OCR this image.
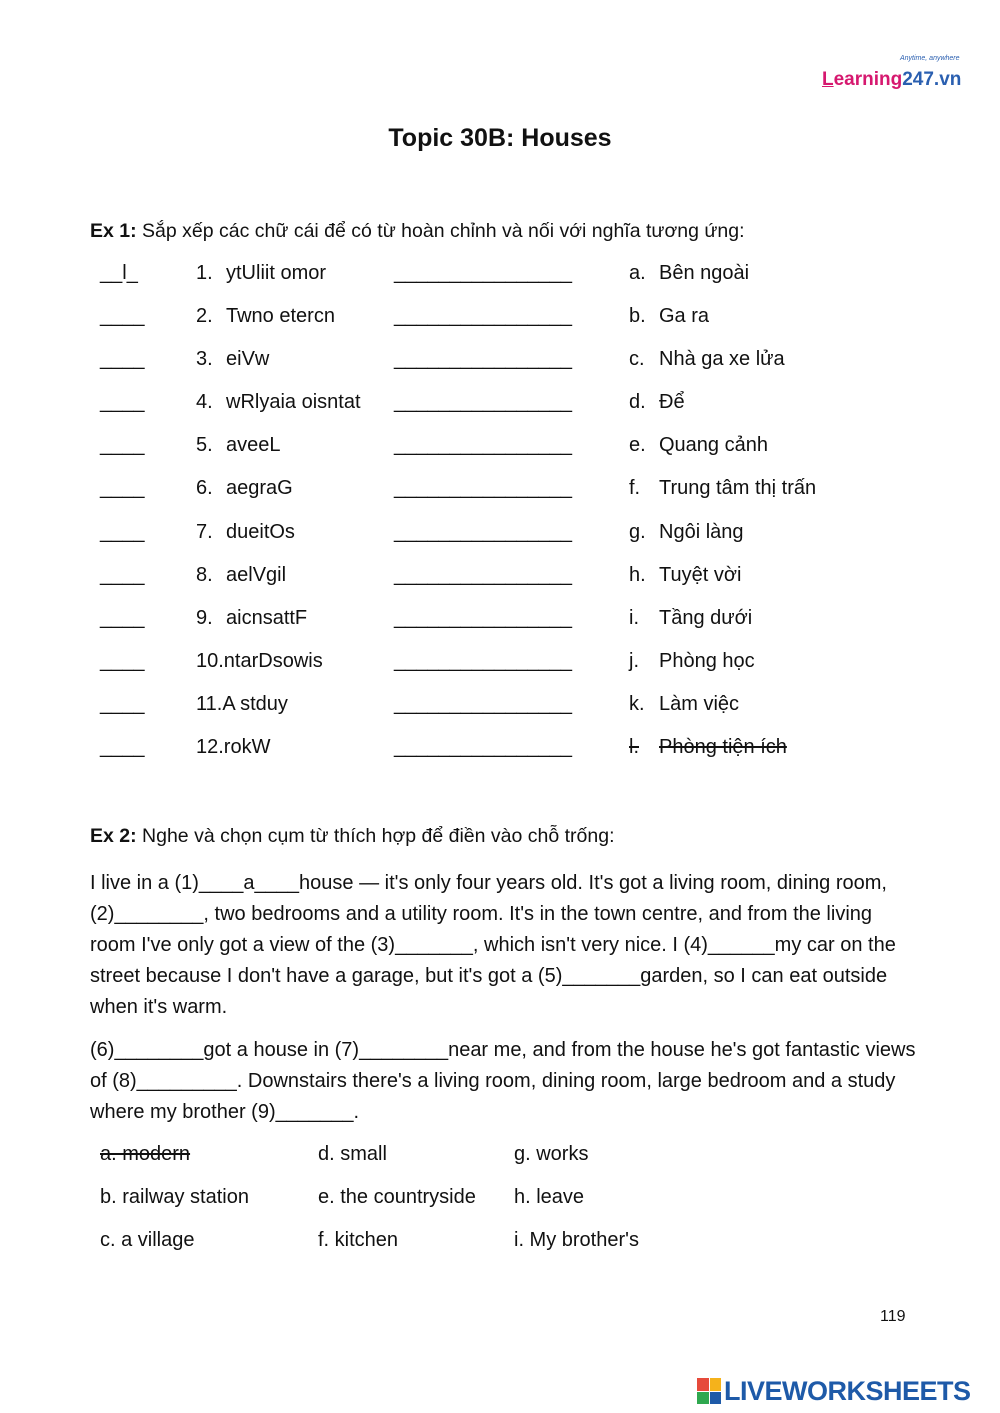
Anytime, anywhere
Learning247.vn
Topic 30B: Houses
Ex 1: Sắp xếp các chữ cái để có từ hoàn chỉnh và nối với nghĩa tương ứng:
__l_	1. ytUliit omor	________________	a. Bên ngoài
____	2. Twno etercn	________________	b. Ga ra
____	3. eiVw	________________	c. Nhà ga xe lửa
____	4. wRlyaia oisntat ________________	d. Để
____	5. aveeL	________________	e. Quang cảnh
____	6. aegraG	________________	f. Trung tâm thị trấn
____	7. dueitOs	________________	g. Ngôi làng
____	8. aelVgil	________________	h. Tuyệt vời
____	9. aicnsattF	________________	i. Tầng dưới
____	10.ntarDsowis	________________	j. Phòng học
____	11.A stduy	________________	k. Làm việc
____	12.rokW	________________	l. Phòng tiện ích
Ex 2: Nghe và chọn cụm từ thích hợp để điền vào chỗ trống:

I live in a (1)____a____house — it's only four years old. It's got a living room, dining room, (2)________, two bedrooms and a utility room. It's in the town centre, and from the living room I've only got a view of the (3)_______, which isn't very nice. I (4)______my car on the street because I don't have a garage, but it's got a (5)_______garden, so I can eat outside when it's warm.

(6)________got a house in (7)________near me, and from the house he's got fantastic views of (8)_________. Downstairs there's a living room, dining room, large bedroom and a study where my brother (9)_______.

a. modern	d. small	g. works
b. railway station	e. the countryside h. leave
c. a village	f. kitchen	i. My brother's
119
LIVEWORKSHEETS
